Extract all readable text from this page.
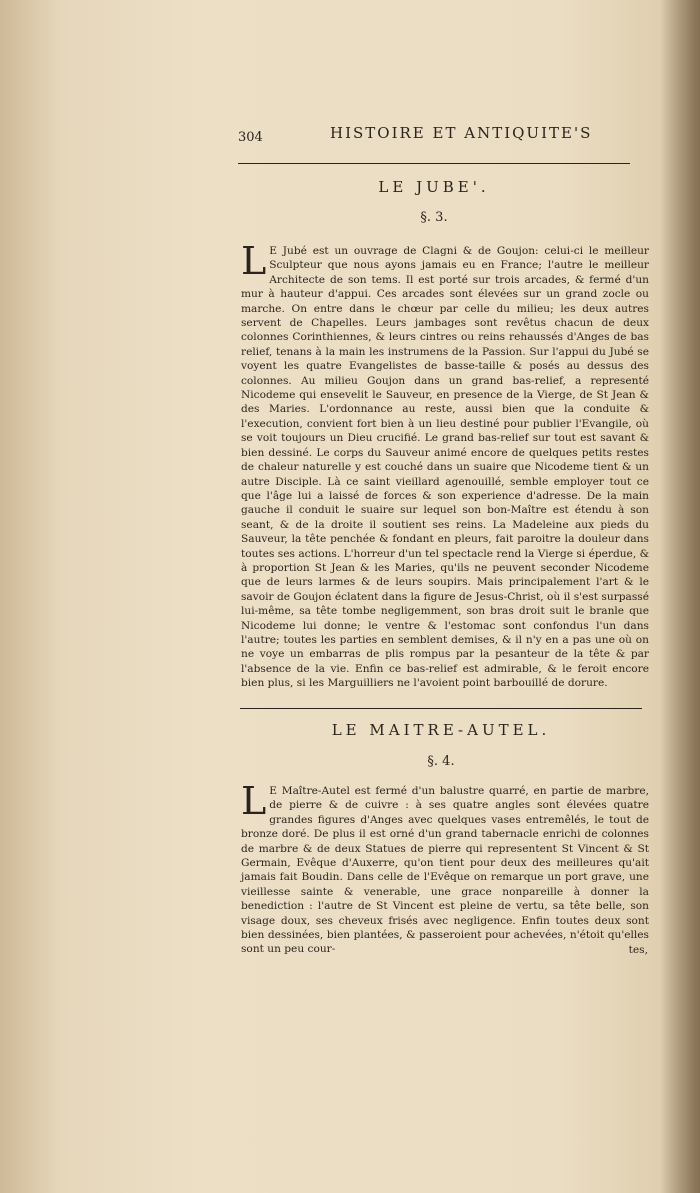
304	HISTOIRE ET ANTIQUITE'S
LE JUBE'.
§. 3.
L E Jubé est un ouvrage de Clagni & de Goujon: celui-ci le meilleur Sculpteur que nous ayons jamais eu en France; l'autre le meilleur Architecte de son tems. Il est porté sur trois arcades, & fermé d'un mur à hauteur d'appui. Ces arcades sont élevées sur un grand zocle ou marche. On entre dans le chœur par celle du milieu; les deux autres servent de Chapelles. Leurs jambages sont revêtus chacun de deux colonnes Corinthiennes, & leurs cintres ou reins rehaussés d'Anges de bas relief, tenans à la main les instrumens de la Passion. Sur l'appui du Jubé se voyent les quatre Evangelistes de basse-taille & posés au dessus des colonnes. Au milieu Goujon dans un grand bas-relief, a representé Nicodeme qui ensevelit le Sauveur, en presence de la Vierge, de St Jean & des Maries. L'ordonnance au reste, aussi bien que la conduite & l'execution, convient fort bien à un lieu destiné pour publier l'Evangile, où se voit toujours un Dieu crucifié. Le grand bas-relief sur tout est savant & bien dessiné. Le corps du Sauveur animé encore de quelques petits restes de chaleur naturelle y est couché dans un suaire que Nicodeme tient & un autre Disciple. Là ce saint vieillard agenouillé, semble employer tout ce que l'âge lui a laissé de forces & son experience d'adresse. De la main gauche il conduit le suaire sur lequel son bon-Maître est étendu à son seant, & de la droite il soutient ses reins. La Madeleine aux pieds du Sauveur, la tête penchée & fondant en pleurs, fait paroitre la douleur dans toutes ses actions. L'horreur d'un tel spectacle rend la Vierge si éperdue, & à proportion St Jean & les Maries, qu'ils ne peuvent seconder Nicodeme que de leurs larmes & de leurs soupirs. Mais principalement l'art & le savoir de Goujon éclatent dans la figure de Jesus-Christ, où il s'est surpassé lui-même, sa tête tombe negligemment, son bras droit suit le branle que Nicodeme lui donne; le ventre & l'estomac sont confondus l'un dans l'autre; toutes les parties en semblent demises, & il n'y en a pas une où on ne voye un embarras de plis rompus par la pesanteur de la tête & par l'absence de la vie. Enfin ce bas-relief est admirable, & le feroit encore bien plus, si les Marguilliers ne l'avoient point barbouillé de dorure.
LE MAITRE-AUTEL.
§. 4.
L E Maître-Autel est fermé d'un balustre quarré, en partie de marbre, de pierre & de cuivre : à ses quatre angles sont élevées quatre grandes figures d'Anges avec quelques vases entremêlés, le tout de bronze doré. De plus il est orné d'un grand tabernacle enrichi de colonnes de marbre & de deux Statues de pierre qui representent St Vincent & St Germain, Evêque d'Auxerre, qu'on tient pour deux des meilleures qu'ait jamais fait Boudin. Dans celle de l'Evêque on remarque un port grave, une vieillesse sainte & venerable, une grace nonpareille à donner la benediction : l'autre de St Vincent est pleine de vertu, sa tête belle, son visage doux, ses cheveux frisés avec negligence. Enfin toutes deux sont bien dessinées, bien plantées, & passeroient pour achevées, n'étoit qu'elles sont un peu cour-	tes,
